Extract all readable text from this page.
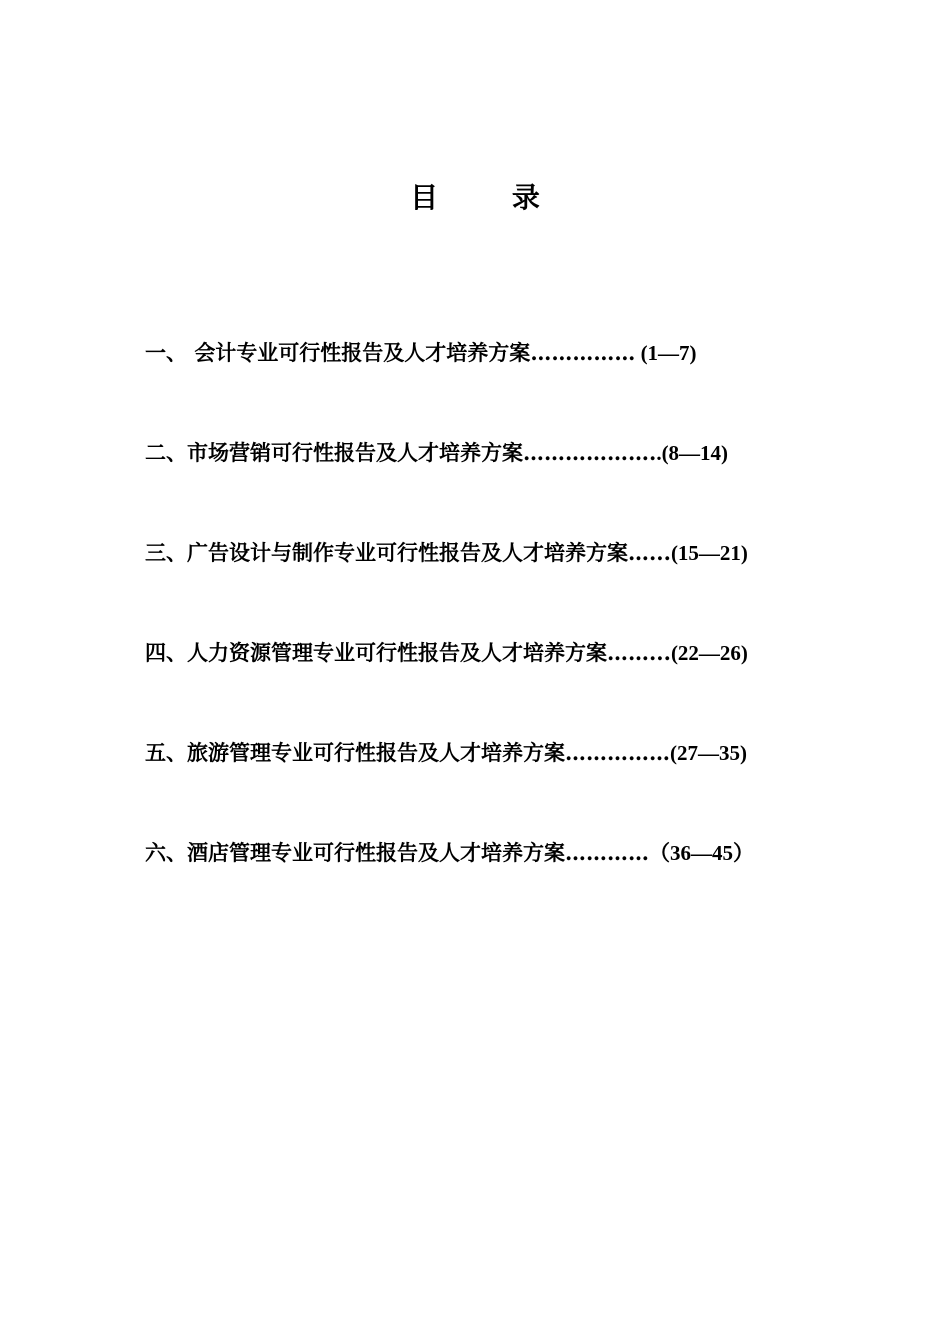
目 录
一、 会计专业可行性报告及人才培养方案…………… (1—7)
二、市场营销可行性报告及人才培养方案………………..(8—14)
三、广告设计与制作专业可行性报告及人才培养方案…...(15—21)
四、人力资源管理专业可行性报告及人才培养方案……...(22—26)
五、旅游管理专业可行性报告及人才培养方案……………(27—35)
六、酒店管理专业可行性报告及人才培养方案…………（36—45）
